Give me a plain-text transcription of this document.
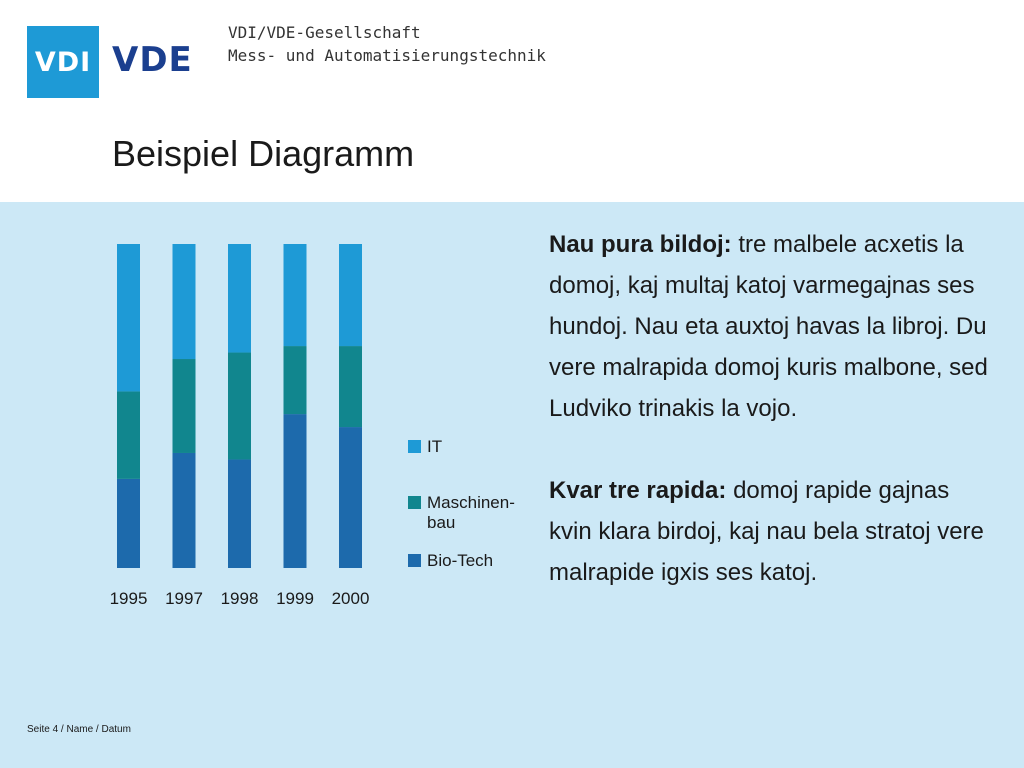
VDI VDE
VDI/VDE-Gesellschaft
Mess- und Automatisierungstechnik
Beispiel Diagramm
1995 1997 1998 1999 2000
IT
Maschinen-bau
Bio-Tech

Nau pura bildoj: tre malbele acxetis la domoj, kaj multaj katoj varmegajnas ses hundoj. Nau eta auxtoj havas la libroj. Du vere malrapida domoj kuris malbone, sed Ludviko trinakis la vojo.

Kvar tre rapida: domoj rapide gajnas kvin klara birdoj, kaj nau bela stratoj vere malrapide igxis ses katoj.

Seite 4 / Name / Datum
